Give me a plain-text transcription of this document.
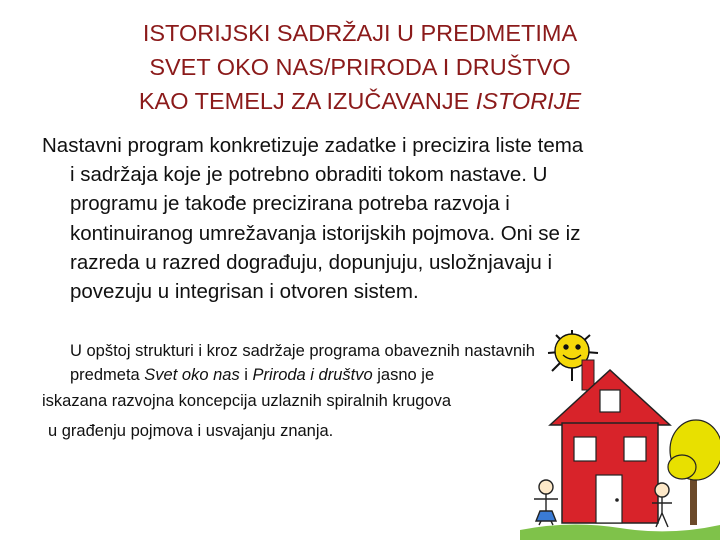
ISTORIJSKI SADRŽAJI U PREDMETIMA
SVET OKO NAS/PRIRODA I DRUŠTVO
KAO TEMELJ ZA IZUČAVANJE ISTORIJE
Nastavni program konkretizuje zadatke i precizira liste tema
i sadržaja koje je potrebno obraditi tokom nastave. U
programu je takođe precizirana potreba razvoja i
kontinuiranog umrežavanja istorijskih pojmova. Oni se iz
razreda u razred dograđuju, dopunjuju, usložnjavaju i
povezuju u integrisan i otvoren sistem.
U opštoj strukturi i kroz sadržaje programa obaveznih nastavnih
predmeta Svet oko nas i Priroda i društvo jasno je
iskazana razvojna koncepcija uzlaznih spiralnih krugova
u građenju pojmova i usvajanju znanja.
